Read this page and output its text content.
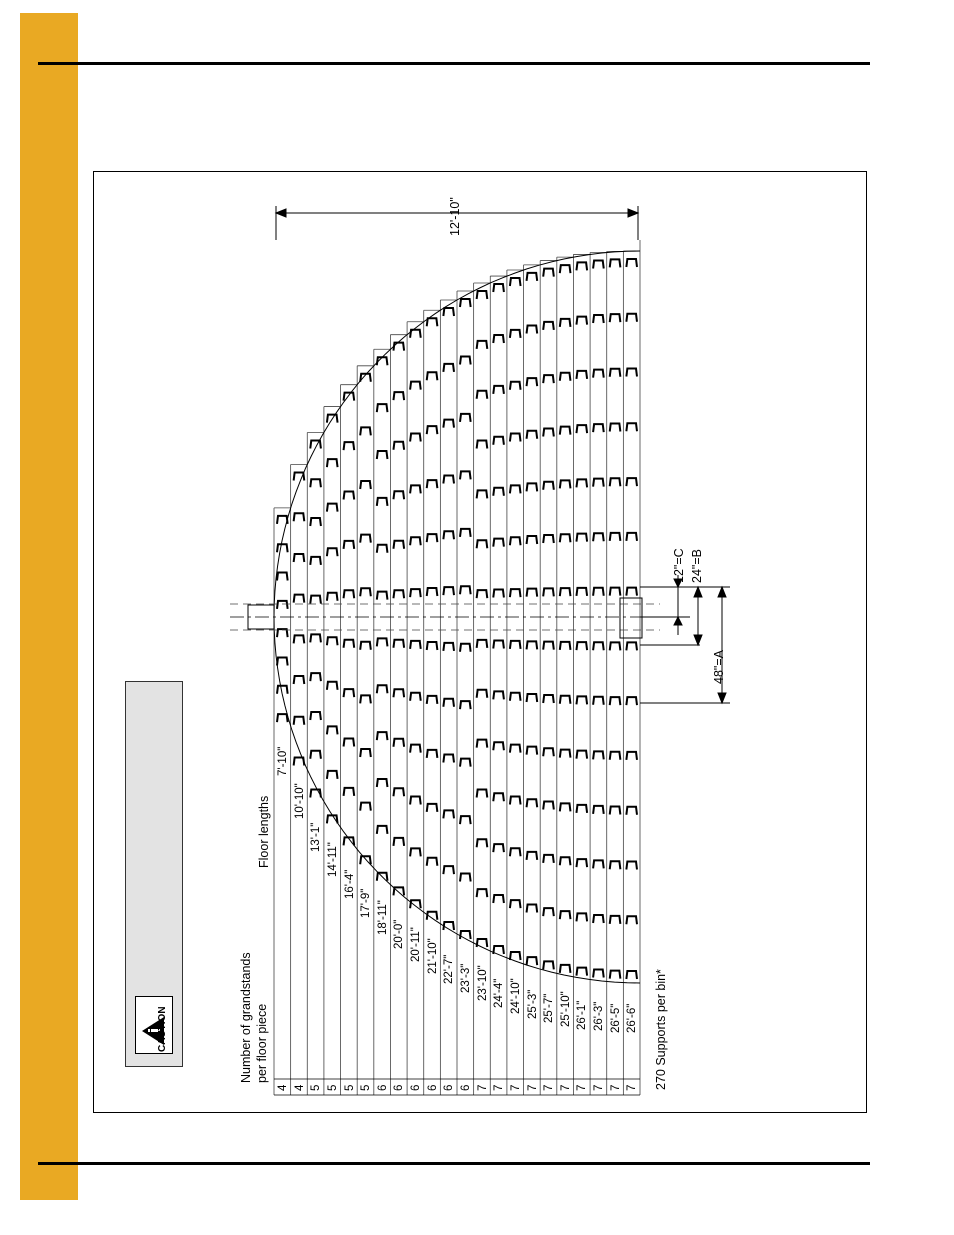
CAUTION	Number of grandstands per floor piece
Floor lengths
4
7'-10"
4
10'-10"
5
13'-1"
5
14'-11"
5
16'-4"
5
17'-9"
6
18'-11"
6
20'-0"
6
20'-11"
6
21'-10"
6
22'-7"
6
23'-3"
7
23'-10"
7
24'-4"
7
24'-10"
7
25'-3"
7
25'-7"
7
25'-10"
7
26'-1"
7
26'-3"
7
26'-5"
7
26'-6"
12'-10"
12"=C 24"=B
48"=A
270 Supports per bin*
